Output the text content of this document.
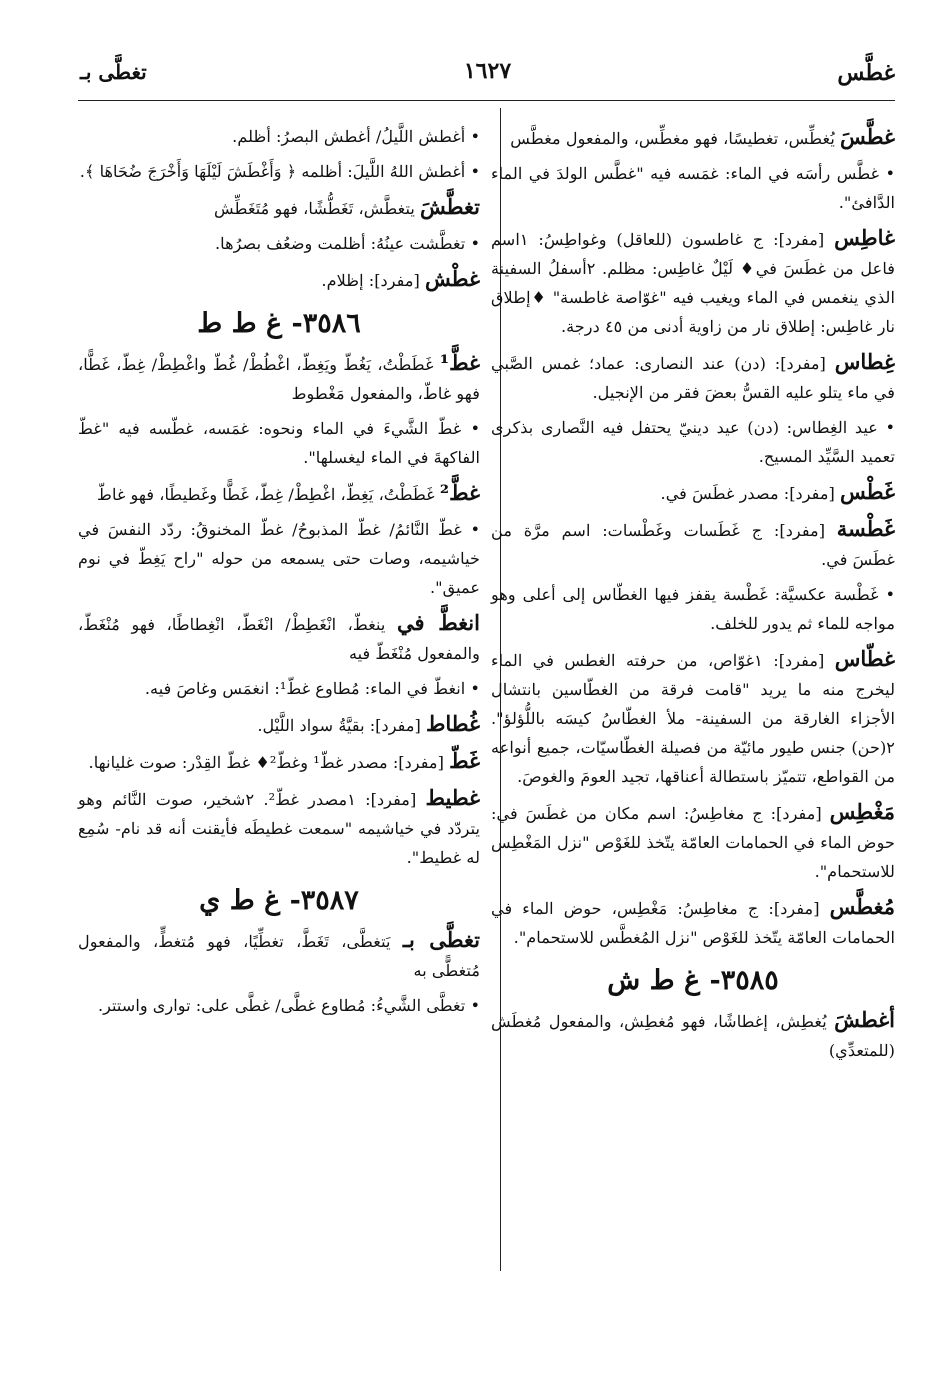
غطَّس
١٦٢٧
تغطَّى بـ
غطَّسَ يُغطِّس، تغطيسًا، فهو مغطِّس، والمفعول مغطَّس
• غطَّس رأسَه في الماء: غمَسه فيه "غطَّس الولدَ في الماء الدَّافئ".
غاطِس [مفرد]: ج غاطسون (للعاقل) وغواطِسُ: ١اسم فاعل من غطَسَ في♦ لَيْلٌ غاطِس: مظلم. ٢أسفلُ السفينة الذي ينغمس في الماء ويغيب فيه "غوّاصة غاطسة" ♦إطلاق نار غاطِس: إطلاق نار من زاوية أدنى من ٤٥ درجة.
غِطاس [مفرد]: (دن) عند النصارى: عماد؛ غمس الصَّبي في ماء يتلو عليه القسُّ بعضَ فقر من الإنجيل.
• عيد الغِطاس: (دن) عيد دينيّ يحتفل فيه النَّصارى بذكرى تعميد السَّيِّد المسيح.
غَطْس [مفرد]: مصدر غطَسَ في.
غَطْسة [مفرد]: ج غَطَسات وغَطْسات: اسم مرَّة من غطَسَ في.
• غَطْسة عكسيَّة: غَطْسة يقفز فيها الغطّاس إلى أعلى وهو مواجه للماء ثم يدور للخلف.
غطّاس [مفرد]: ١غوّاص، من حرفته الغطس في الماء ليخرج منه ما يريد "قامت فرقة من الغطّاسين بانتشال الأجزاء الغارقة من السفينة- ملأ الغطّاسُ كيسَه باللُّؤلؤ". ٢(حن) جنس طيور مائيّة من فصيلة الغطّاسيّات، جميع أنواعه من القواطع، تتميّز باستطالة أعناقها، تجيد العومَ والغوصَ.
مَغْطِس [مفرد]: ج مغاطِسُ: اسم مكان من غطَسَ في: حوض الماء في الحمامات العامّة يتّخذ للغَوْص "نزل المَغْطِس للاستحمام".
مُغطَّس [مفرد]: ج مغاطِسُ: مَغْطِس، حوض الماء في الحمامات العامّة يتّخذ للغَوْص "نزل المُغطَّس للاستحمام".
٣٥٨٥- غ ط ش
أغطشَ يُغطِش، إغطاشًا، فهو مُغطِش، والمفعول مُغطَش (للمتعدِّي)
• أغطش اللَّيلُ/ أغطش البصرُ: أظلم.
• أغطش اللهُ اللَّيلَ: أظلمه ﴿ وَأَغْطَشَ لَيْلَهَا وَأَخْرَجَ ضُحَاهَا ﴾.
تغطَّشَ يتغطَّش، تَغَطُّشًا، فهو مُتَغَطِّش
• تغطَّشت عينُهُ: أظلمت وضعُف بصرُها.
غطْش [مفرد]: إظلام.
٣٥٨٦- غ ط ط
غطَّ¹ غَطَطْتُ، يَغُطّ ويَغِطّ، اغْطُطْ/ غُطّ واغْطِطْ/ غِطّ، غَطًّا، فهو غاطّ، والمفعول مَغْطوط
• غطّ الشَّيءَ في الماء ونحوه: غمَسه، غطّسه فيه "غطّ الفاكهةَ في الماء ليغسلها".
غطَّ² غَطَطْتُ، يَغِطّ، اغْطِطْ/ غِطّ، غَطًّا وغَطيطًا، فهو غاطّ
• غطّ النَّائمُ/ غطّ المذبوحُ/ غطّ المخنوقُ: ردّد النفسَ في خياشيمه، وصات حتى يسمعه من حوله "راح يَغِطّ في نوم عميق".
انغطَّ في ينغطّ، انْغَطِطْ/ انْغَطّ، انْغِطاطًا، فهو مُنْغَطّ، والمفعول مُنْغَطّ فيه
• انغطّ في الماء: مُطاوع غطّ¹: انغمَس وغاصَ فيه.
غُطاط [مفرد]: بقيَّةُ سواد اللَّيْل.
غَطّ [مفرد]: مصدر غطّ¹ وغطّ²♦ غطّ القِدْر: صوت غليانها.
غطيط [مفرد]: ١مصدر غطّ². ٢شخير، صوت النَّائم وهو يتردّد في خياشيمه "سمعت غطيطَه فأيقنت أنه قد نام- سُمِع له غطيط".
٣٥٨٧- غ ط ي
تغطَّى بـ يَتغطَّى، تَغَطَّ، تغطِّيًا، فهو مُتغطٍّ، والمفعول مُتغطًّى به
• تغطَّى الشَّيءُ: مُطاوع غطَّى/ غطَّى على: توارى واستتر.
